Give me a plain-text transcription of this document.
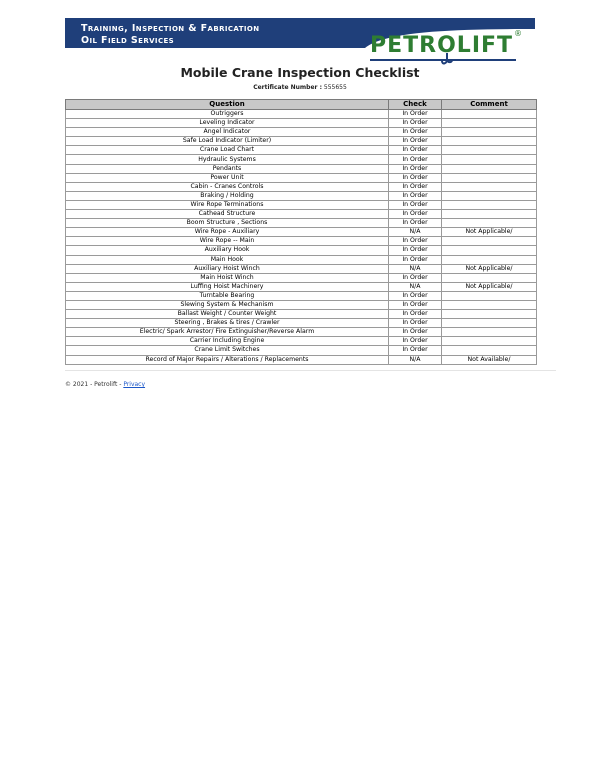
Training, Inspection & Fabrication
Oil Field Services	PETROLIFT ®
Mobile Crane Inspection Checklist
Certificate Number : 555655
Question	Check	Comment
Outriggers	In Order	
Leveling Indicator	In Order	
Angel Indicator	In Order	
Safe Load Indicator (Limiter)	In Order	
Crane Load Chart	In Order	
Hydraulic Systems	In Order	
Pendants	In Order	
Power Unit	In Order	
Cabin - Cranes Controls	In Order	
Braking / Holding	In Order	
Wire Rope Terminations	In Order	
Cathead Structure	In Order	
Boom Structure , Sections	In Order	
Wire Rope - Auxiliary	N/A	Not Applicable/
Wire Rope -- Main	In Order	
Auxiliary Hook	In Order	
Main Hook	In Order	
Auxiliary Hoist Winch	N/A	Not Applicable/
Main Hoist Winch	In Order	
Luffing Hoist Machinery	N/A	Not Applicable/
Turntable Bearing	In Order	
Slewing System & Mechanism	In Order	
Ballast Weight / Counter Weight	In Order	
Steering , Brakes & tires / Crawler	In Order	
Electric/ Spark Arrestor/ Fire Extinguisher/Reverse Alarm	In Order	
Carrier Including Engine	In Order	
Crane Limit Switches	In Order	
Record of Major Repairs / Alterations / Replacements	N/A	Not Available/
© 2021 - Petrolift - Privacy
